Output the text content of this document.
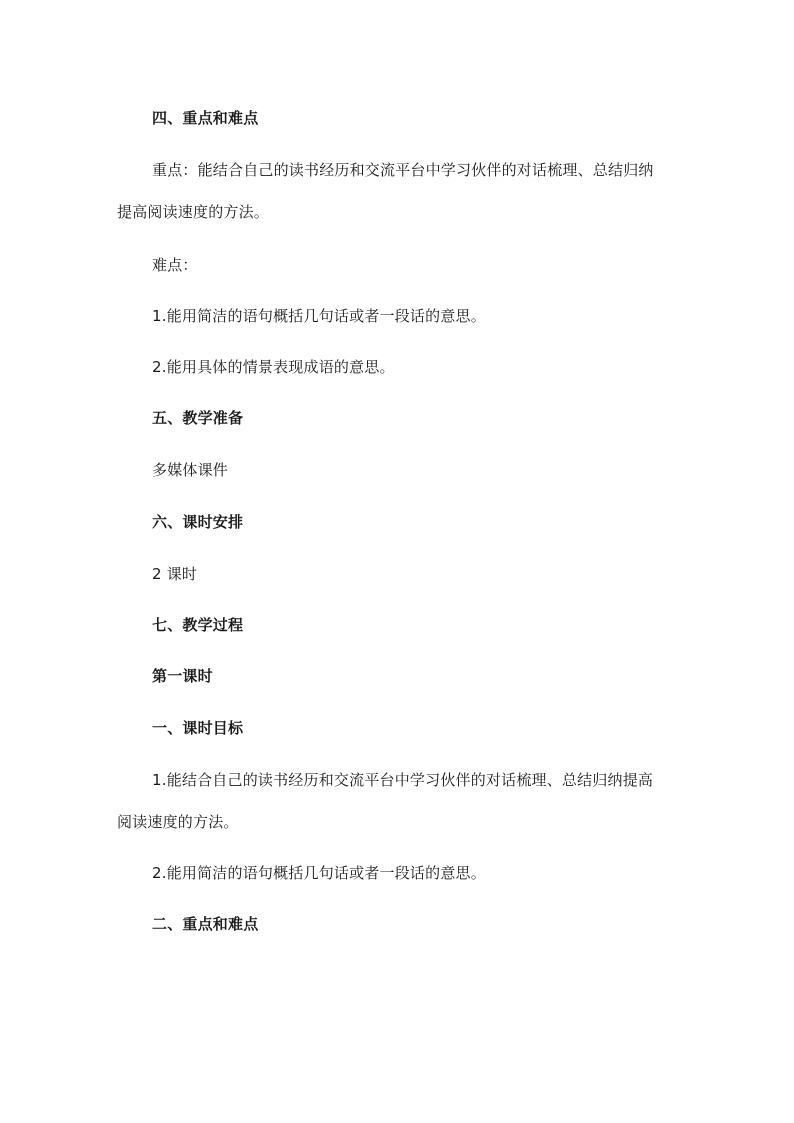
四、重点和难点
重点：能结合自己的读书经历和交流平台中学习伙伴的对话梳理、总结归纳
提高阅读速度的方法。
难点：
1.能用简洁的语句概括几句话或者一段话的意思。
2.能用具体的情景表现成语的意思。
五、教学准备
多媒体课件
六、课时安排
2 课时
七、教学过程
第一课时
一、课时目标
1.能结合自己的读书经历和交流平台中学习伙伴的对话梳理、总结归纳提高
阅读速度的方法。
2.能用简洁的语句概括几句话或者一段话的意思。
二、重点和难点
